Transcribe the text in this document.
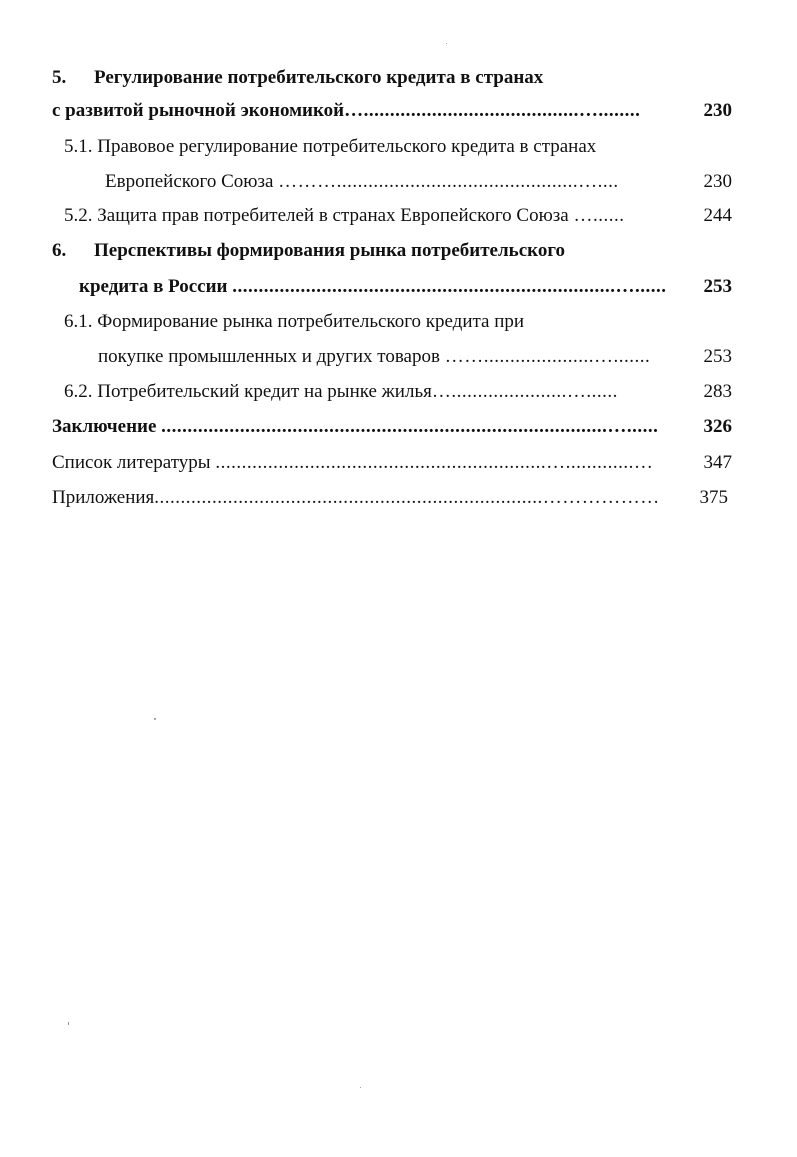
5. Регулирование потребительского кредита в странах
с развитой рыночной экономикой….........................................…........	230
5.1. Правовое регулирование потребительского кредита в странах
Европейского Союза ………..............................................…....	230
5.2. Защита прав потребителей в странах Европейского Союза …......	244
6. Перспективы формирования рынка потребительского
кредита в России .........................................................................…......	253
6.1. Формирование рынка потребительского кредита при
покупке промышленных и других товаров …….....................….......	253
6.2. Потребительский кредит на рынке жилья…......................…......	283
Заключение .....................................................................................…......	326
Список литературы ...............................................................….............…	347
Приложения..........................................................................………………	375
